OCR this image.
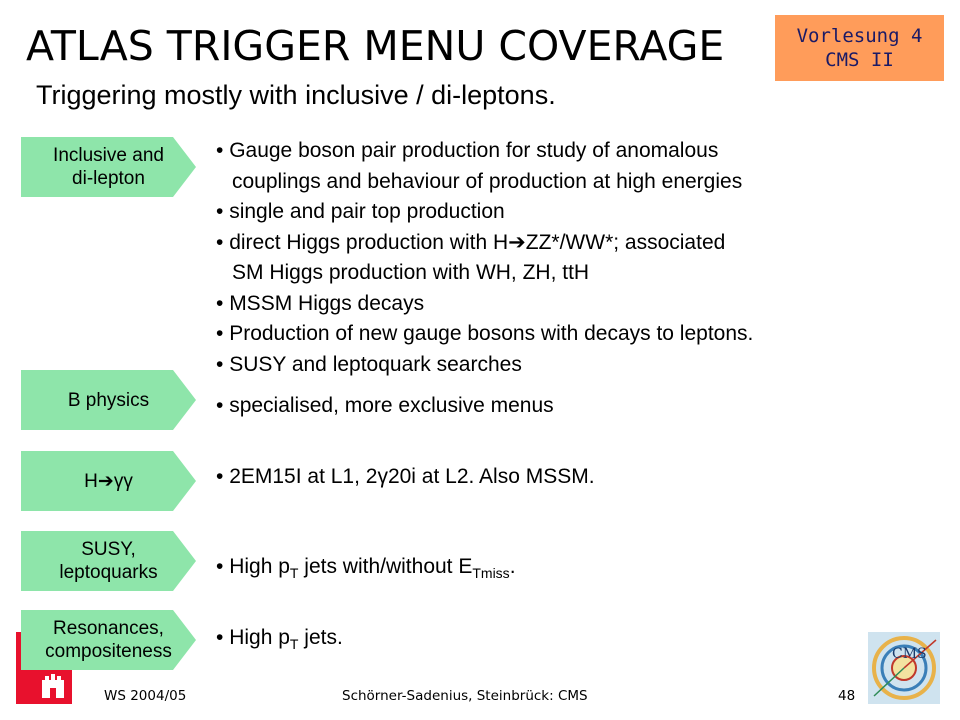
ATLAS TRIGGER MENU COVERAGE
Triggering mostly with inclusive / di-leptons.
Vorlesung 4
CMS II
Inclusive and
di-lepton
B physics
H➔γγ
SUSY,
leptoquarks
Resonances,
compositeness
• Gauge boson pair production for study of anomalous
couplings and behaviour of production at high energies
• single and pair top production
• direct Higgs production with H➔ZZ*/WW*; associated
SM Higgs production with WH, ZH, ttH
• MSSM Higgs decays
• Production of new gauge bosons with decays to leptons.
• SUSY and leptoquark searches
• specialised, more exclusive menus
• 2EM15I at L1, 2γ20i at L2. Also MSSM.
• High $p_T$ jets with/without $E_{Tmiss}$.
• High $p_T$ jets.
WS 2004/05	Schörner-Sadenius, Steinbrück: CMS	48
CMS
